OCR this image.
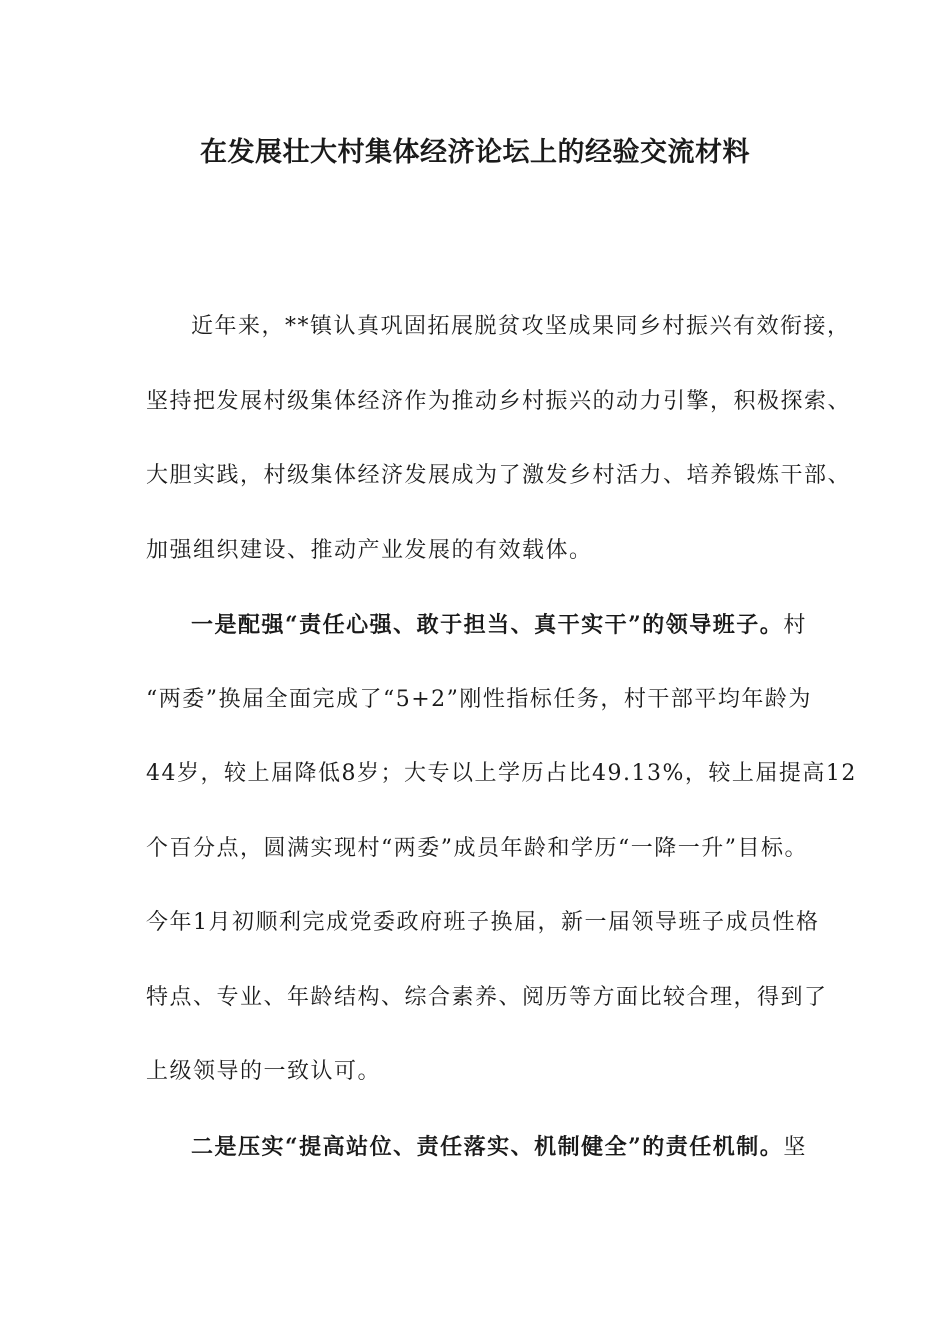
在发展壮大村集体经济论坛上的经验交流材料
近年来，**镇认真巩固拓展脱贫攻坚成果同乡村振兴有效衔接，
坚持把发展村级集体经济作为推动乡村振兴的动力引擎，积极探索、
大胆实践，村级集体经济发展成为了激发乡村活力、培养锻炼干部、
加强组织建设、推动产业发展的有效载体。
一是配强“责任心强、敢于担当、真干实干”的领导班子。村
“两委”换届全面完成了“5+2”刚性指标任务，村干部平均年龄为
44岁，较上届降低8岁；大专以上学历占比49.13%，较上届提高12
个百分点，圆满实现村“两委”成员年龄和学历“一降一升”目标。
今年1月初顺利完成党委政府班子换届，新一届领导班子成员性格
特点、专业、年龄结构、综合素养、阅历等方面比较合理，得到了
上级领导的一致认可。
二是压实“提高站位、责任落实、机制健全”的责任机制。坚
